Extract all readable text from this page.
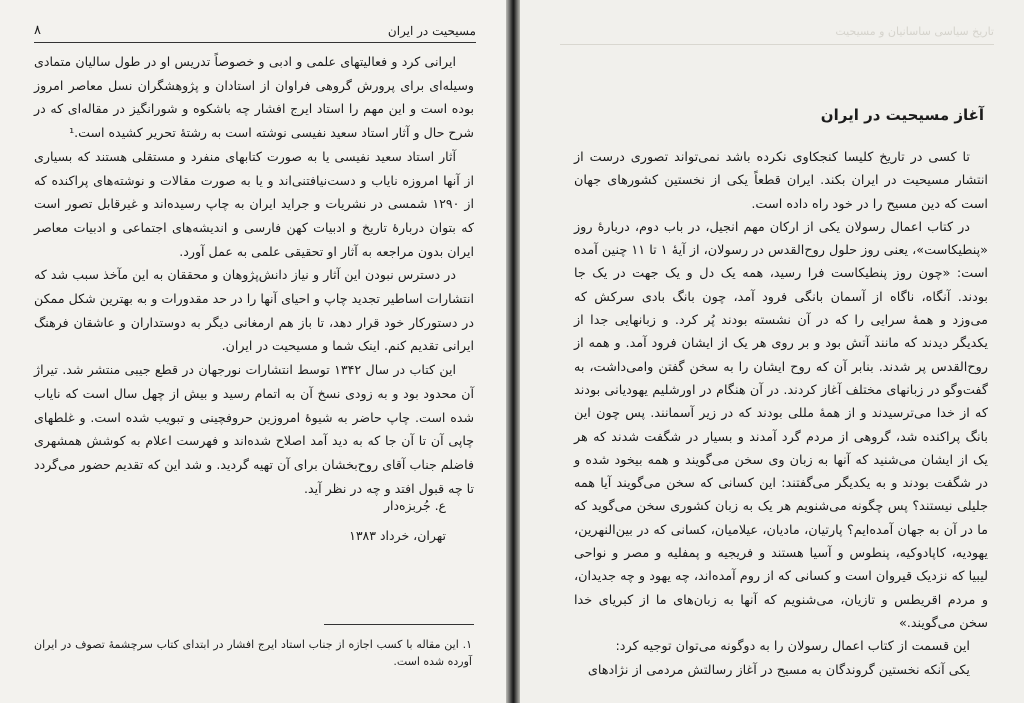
مسیحیت در ایران
۸

ایرانی کرد و فعالیتهای علمی و ادبی و خصوصاً تدریس او در طول سالیان متمادی وسیله‌ای برای پرورش گروهی فراوان از استادان و پژوهشگران نسل معاصر امروز بوده است و این مهم را استاد ایرج افشار چه باشکوه و شورانگیز در مقاله‌ای که در شرح حال و آثار استاد سعید نفیسی نوشته است به رشتهٔ تحریر کشیده است.¹

آثار استاد سعید نفیسی یا به صورت کتابهای منفرد و مستقلی هستند که بسیاری از آنها امروزه نایاب و دست‌نیافتنی‌اند و یا به صورت مقالات و نوشته‌های پراکنده که از ۱۲۹۰ شمسی در نشریات و جراید ایران به چاپ رسیده‌اند و غیرقابل تصور است که بتوان دربارهٔ تاریخ و ادبیات کهن فارسی و اندیشه‌های اجتماعی و ادبیات معاصر ایران بدون مراجعه به آثار او تحقیقی علمی به عمل آورد.

در دسترس نبودن این آثار و نیاز دانش‌پژوهان و محققان به این مآخذ سبب شد که انتشارات اساطیر تجدید چاپ و احیای آنها را در حد مقدورات و به بهترین شکل ممکن در دستورکار خود قرار دهد، تا باز هم ارمغانی دیگر به دوستداران و عاشقان فرهنگ ایرانی تقدیم کنم. اینک شما و مسیحیت در ایران.

این کتاب در سال ۱۳۴۲ توسط انتشارات نورجهان در قطع جیبی منتشر شد. تیراژ آن محدود بود و به زودی نسخ آن به اتمام رسید و بیش از چهل سال است که نایاب شده است. چاپ حاضر به شیوهٔ امروزین حروفچینی و تبویب شده است. و غلطهای چاپی آن تا آن جا که به دید آمد اصلاح شده‌اند و فهرست اعلام به کوشش همشهری فاضلم جناب آقای روح‌بخشان برای آن تهیه گردید. و شد این که تقدیم حضور می‌گردد تا چه قبول افتد و چه در نظر آید.

ع. جُربزه‌دار
تهران، خرداد ۱۳۸۳
۱. این مقاله با کسب اجازه از جناب استاد ایرج افشار در ابتدای کتاب سرچشمهٔ تصوف در ایران آورده شده است.
تاریخ سیاسی ساسانیان و مسیحیت
آغاز مسیحیت در ایران

تا کسی در تاریخ کلیسا کنجکاوی نکرده باشد نمی‌تواند تصوری درست از انتشار مسیحیت در ایران بکند. ایران قطعاً یکی از نخستین کشورهای جهان است که دین مسیح را در خود راه داده است.

در کتاب اعمال رسولان یکی از ارکان مهم انجیل، در باب دوم، دربارهٔ روز «پنطیکاست»، یعنی روز حلول روح‌القدس در رسولان، از آیهٔ ۱ تا ۱۱ چنین آمده است: «چون روز پنطیکاست فرا رسید، همه یک دل و یک جهت در یک جا بودند. آنگاه، ناگاه از آسمان بانگی فرود آمد، چون بانگ بادی سرکش که می‌وزد و همهٔ سرایی را که در آن نشسته بودند پُر کرد. و زبانهایی جدا از یکدیگر دیدند که مانند آتش بود و بر روی هر یک از ایشان فرود آمد. و همه از روح‌القدس پر شدند. بنابر آن که روح ایشان را به سخن گفتن وامی‌داشت، به گفت‌وگو در زبانهای مختلف آغاز کردند. در آن هنگام در اورشلیم یهودیانی بودند که از خدا می‌ترسیدند و از همهٔ مللی بودند که در زیر آسمانند. پس چون این بانگ پراکنده شد، گروهی از مردم گرد آمدند و بسیار در شگفت شدند که هر یک از ایشان می‌شنید که آنها به زبان وی سخن می‌گویند و همه بیخود شده و در شگفت بودند و به یکدیگر می‌گفتند: این کسانی که سخن می‌گویند آیا همه جلیلی نیستند؟ پس چگونه می‌شنویم هر یک به زبان کشوری سخن می‌گوید که ما در آن به جهان آمده‌ایم؟ پارتیان، مادیان، عیلامیان، کسانی که در بین‌النهرین، یهودیه، کاپادوکیه، پنطوس و آسیا هستند و فریجیه و پمفلیه و مصر و نواحی لیبیا که نزدیک قیروان است و کسانی که از روم آمده‌اند، چه یهود و چه جدیدان، و مردم اقریطس و تازیان، می‌شنویم که آنها به زبان‌های ما از کبریای خدا سخن می‌گویند.»

این قسمت از کتاب اعمال رسولان را به دوگونه می‌توان توجیه کرد:

یکی آنکه نخستین گروندگان به مسیح در آغاز رسالتش مردمی از نژادهای
